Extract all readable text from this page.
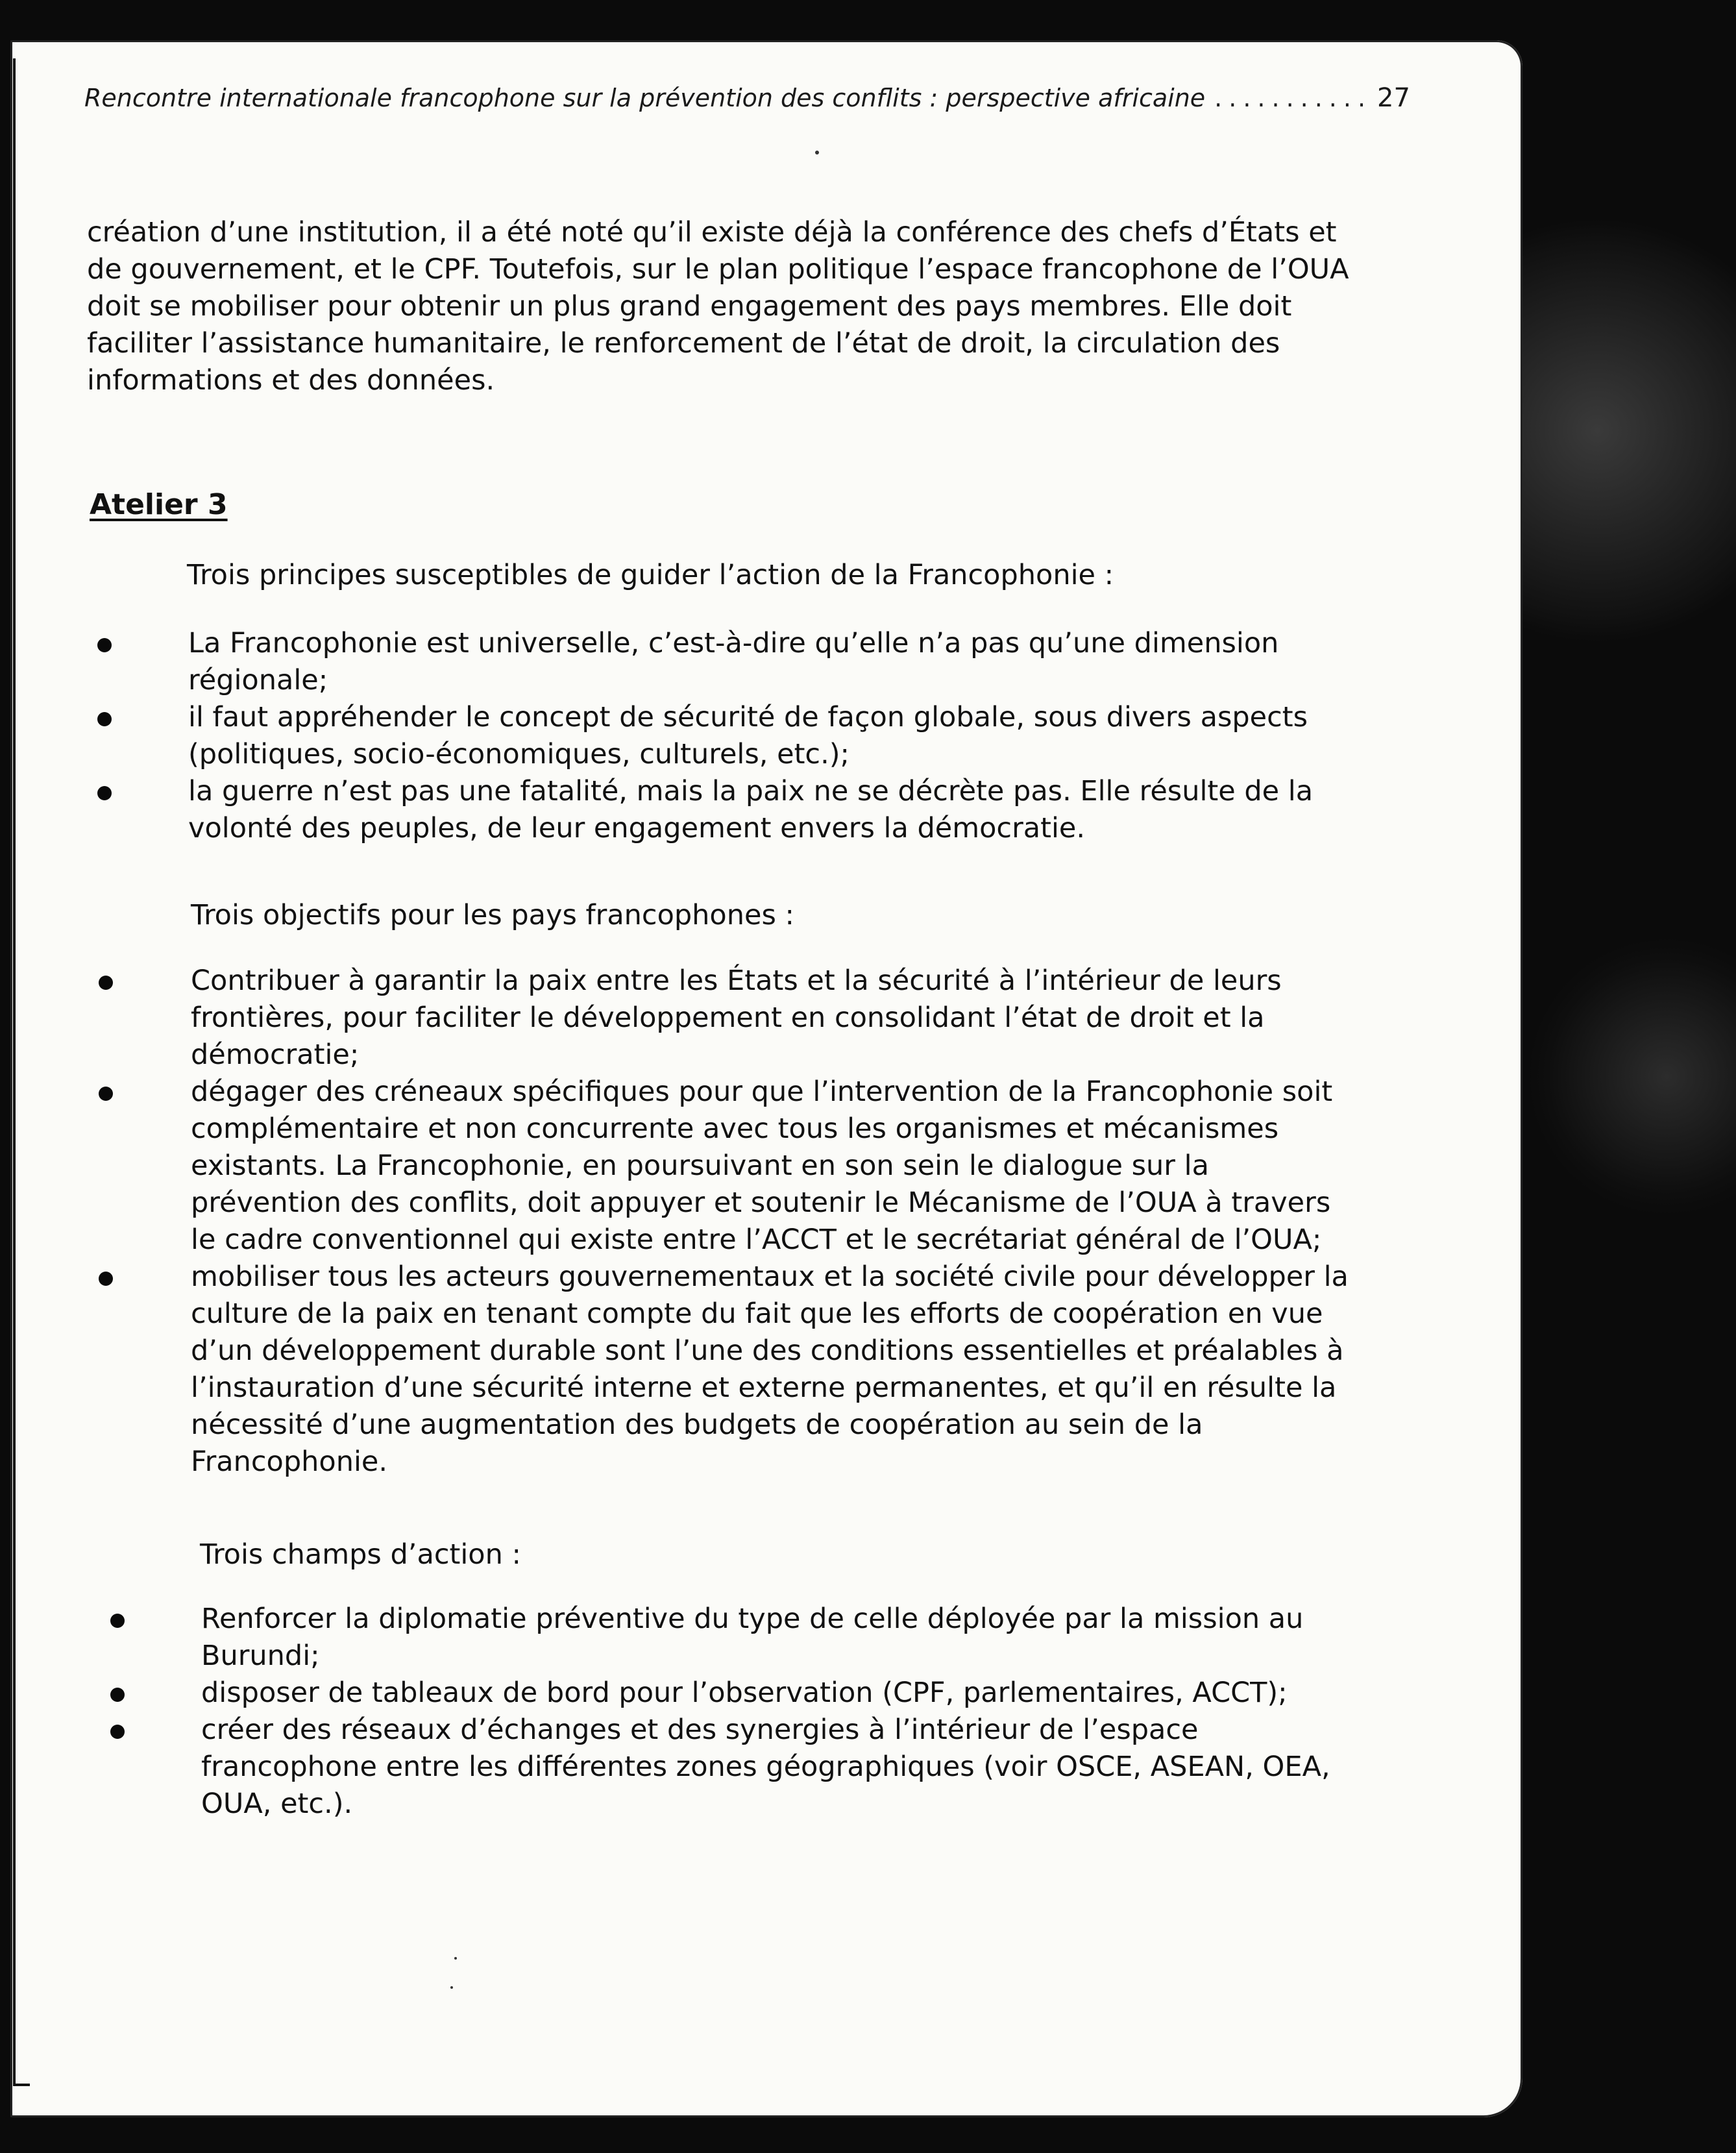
Rencontre internationale francophone sur la prévention des conflits : perspective africaine ........... 27
création d’une institution, il a été noté qu’il existe déjà la conférence des chefs d’États et de gouvernement, et le CPF. Toutefois, sur le plan politique l’espace francophone de l’OUA doit se mobiliser pour obtenir un plus grand engagement des pays membres. Elle doit faciliter l’assistance humanitaire, le renforcement de l’état de droit, la circulation des informations et des données.
Atelier 3
Trois principes susceptibles de guider l’action de la Francophonie :
La Francophonie est universelle, c’est-à-dire qu’elle n’a pas qu’une dimension régionale;
il faut appréhender le concept de sécurité de façon globale, sous divers aspects (politiques, socio-économiques, culturels, etc.);
la guerre n’est pas une fatalité, mais la paix ne se décrète pas. Elle résulte de la volonté des peuples, de leur engagement envers la démocratie.
Trois objectifs pour les pays francophones :
Contribuer à garantir la paix entre les États et la sécurité à l’intérieur de leurs frontières, pour faciliter le développement en consolidant l’état de droit et la démocratie;
dégager des créneaux spécifiques pour que l’intervention de la Francophonie soit complémentaire et non concurrente avec tous les organismes et mécanismes existants. La Francophonie, en poursuivant en son sein le dialogue sur la prévention des conflits, doit appuyer et soutenir le Mécanisme de l’OUA à travers le cadre conventionnel qui existe entre l’ACCT et le secrétariat général de l’OUA;
mobiliser tous les acteurs gouvernementaux et la société civile pour développer la culture de la paix en tenant compte du fait que les efforts de coopération en vue d’un développement durable sont l’une des conditions essentielles et préalables à l’instauration d’une sécurité interne et externe permanentes, et qu’il en résulte la nécessité d’une augmentation des budgets de coopération au sein de la Francophonie.
Trois champs d’action :
Renforcer la diplomatie préventive du type de celle déployée par la mission au Burundi;
disposer de tableaux de bord pour l’observation (CPF, parlementaires, ACCT);
créer des réseaux d’échanges et des synergies à l’intérieur de l’espace francophone entre les différentes zones géographiques (voir OSCE, ASEAN, OEA, OUA, etc.).
